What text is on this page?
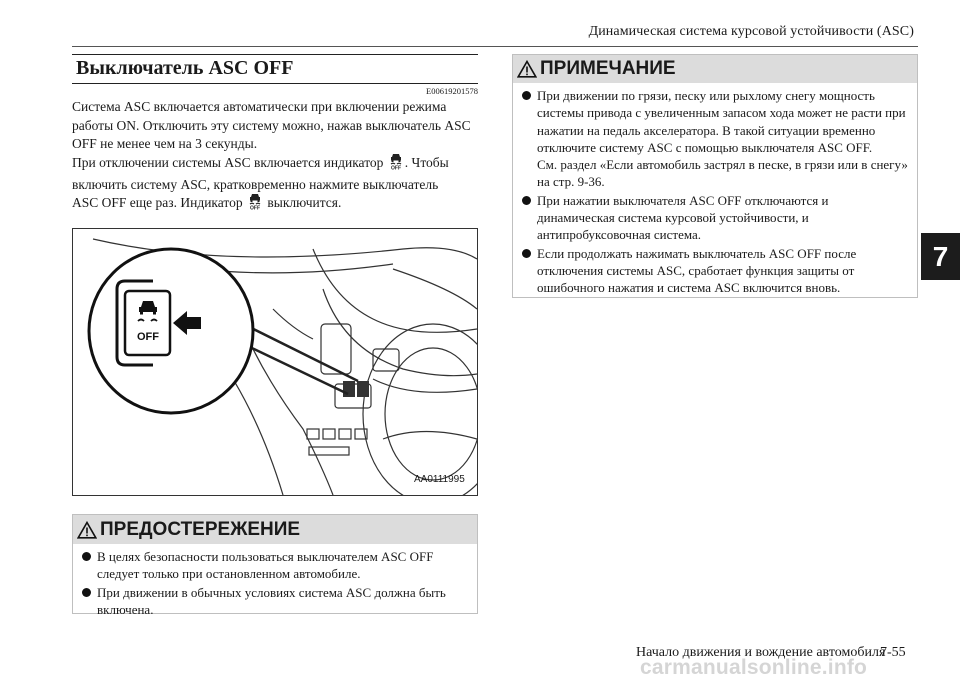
Динамическая система курсовой устойчивости (ASC)
7
Выключатель ASC OFF
E00619201578
Система ASC включается автоматически при включении режима работы ON. Отключить эту систему можно, нажав выключатель ASC OFF не менее чем на 3 секунды.
При отключении системы ASC включается индикатор OFF . Чтобы включить систему ASC, кратковременно нажмите выключатель
ASC OFF еще раз. Индикатор OFF выключится.
OFF
AA0111995
ПРЕДОСТЕРЕЖЕНИЕ
В целях безопасности пользоваться выключателем ASC OFF следует только при остановленном автомобиле.
При движении в обычных условиях система ASC должна быть включена.
ПРИМЕЧАНИЕ
При движении по грязи, песку или рыхлому снегу мощность системы привода с увеличенным запасом хода может не расти при нажатии на педаль акселератора. В такой ситуации временно отключите систему ASC с помощью выключателя ASC OFF.
См. раздел «Если автомобиль застрял в песке, в грязи или в снегу» на стр. 9-36.
При нажатии выключателя ASC OFF отключаются и динамическая система курсовой устойчивости, и антипробуксовочная система.
Если продолжать нажимать выключатель ASC OFF после отключения системы ASC, сработает функция защиты от ошибочного нажатия и система ASC включится вновь.
Начало движения и вождение автомобиля
7-55
carmanualsonline.info
